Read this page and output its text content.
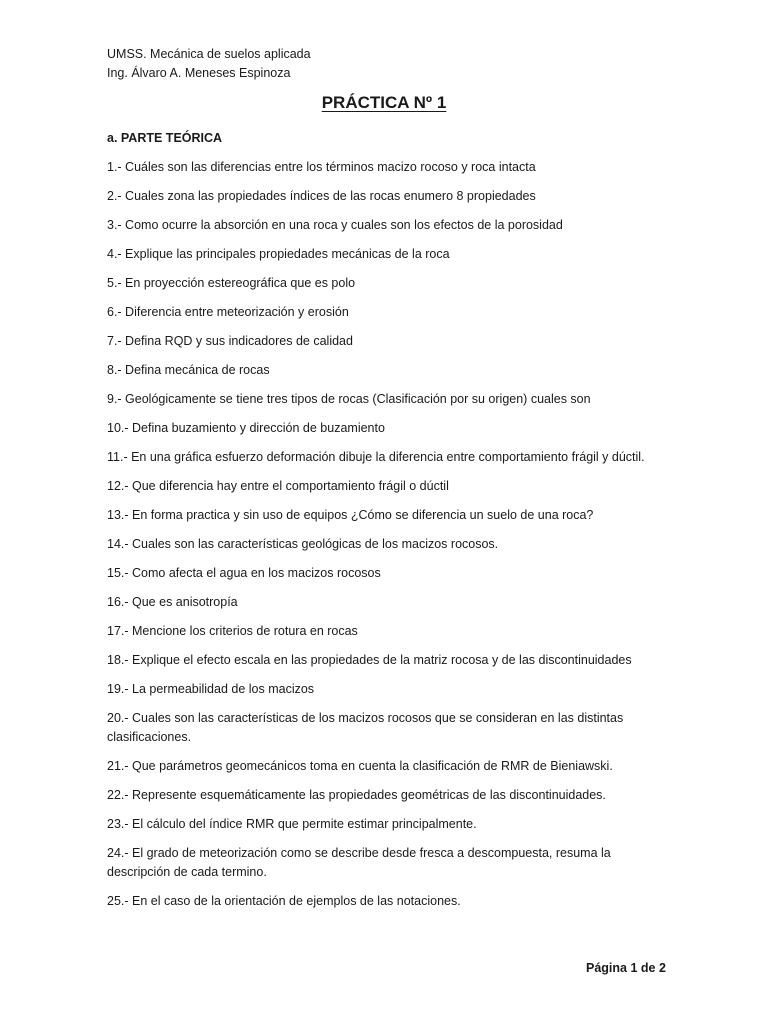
UMSS. Mecánica de suelos aplicada
Ing. Álvaro A. Meneses Espinoza
PRÁCTICA Nº 1
a. PARTE TEÓRICA
1.- Cuáles son las diferencias entre los términos macizo rocoso y roca intacta
2.- Cuales zona las propiedades índices de las rocas enumero 8 propiedades
3.- Como ocurre la absorción en una roca y cuales son los efectos de la porosidad
4.- Explique las principales propiedades mecánicas de la roca
5.- En proyección estereográfica que es polo
6.- Diferencia entre meteorización y erosión
7.- Defina RQD y sus indicadores de calidad
8.- Defina mecánica de rocas
9.- Geológicamente se tiene tres tipos de rocas (Clasificación por su origen) cuales son
10.- Defina buzamiento y dirección de buzamiento
11.- En una gráfica esfuerzo deformación dibuje la diferencia entre comportamiento frágil y dúctil.
12.- Que diferencia hay entre el comportamiento frágil o dúctil
13.- En forma practica y sin uso de equipos ¿Cómo se diferencia un suelo de una roca?
14.- Cuales son las características geológicas de los macizos rocosos.
15.- Como afecta el agua en los macizos rocosos
16.- Que es anisotropía
17.- Mencione los criterios de rotura en rocas
18.- Explique el efecto escala en las propiedades de la matriz rocosa y de las discontinuidades
19.- La permeabilidad de los macizos
20.- Cuales son las características de los macizos rocosos que se consideran en las distintas clasificaciones.
21.- Que parámetros geomecánicos toma en cuenta la clasificación de RMR de Bieniawski.
22.- Represente esquemáticamente las propiedades geométricas de las discontinuidades.
23.- El cálculo del índice RMR que permite estimar principalmente.
24.- El grado de meteorización como se describe desde fresca a descompuesta, resuma la descripción de cada termino.
25.- En el caso de la orientación de ejemplos de las notaciones.
Página 1 de 2
